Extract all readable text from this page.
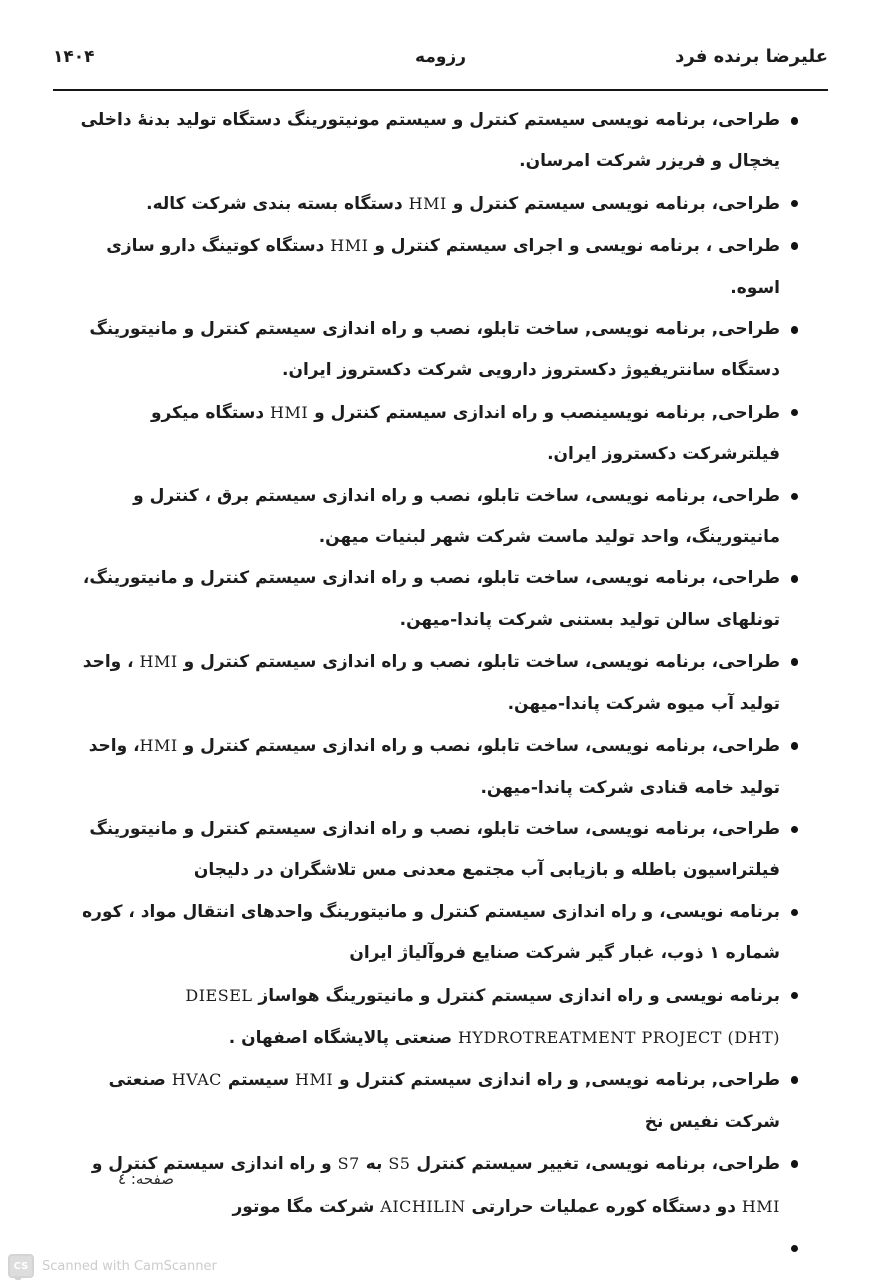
علیرضا برنده فرد
رزومه
۱۴۰۴
طراحی، برنامه نویسی سیستم کنترل و سیستم مونیتورینگ دستگاه تولید بدنهٔ داخلی یخچال و فریزر شرکت امرسان.
طراحی، برنامه نویسی سیستم کنترل و HMI دستگاه بسته بندی شرکت کاله.
طراحی ، برنامه نویسی و اجرای سیستم کنترل و HMI دستگاه کوتینگ دارو سازی اسوه.
طراحی, برنامه نویسی, ساخت تابلو، نصب و راه اندازی سیستم کنترل و مانیتورینگ دستگاه سانتریفیوژ دکستروز دارویی شرکت دکستروز ایران.
طراحی, برنامه نویسینصب و راه اندازی سیستم کنترل و HMI دستگاه میکرو فیلترشرکت دکستروز ایران.
طراحی، برنامه نویسی، ساخت تابلو، نصب و راه اندازی سیستم برق ، کنترل و مانیتورینگ، واحد تولید ماست شرکت شهر لبنیات میهن.
طراحی، برنامه نویسی، ساخت تابلو، نصب و راه اندازی سیستم کنترل و مانیتورینگ، تونلهای سالن تولید بستنی شرکت پاندا-میهن.
طراحی، برنامه نویسی، ساخت تابلو، نصب و راه اندازی سیستم کنترل و HMI ، واحد تولید آب میوه شرکت پاندا-میهن.
طراحی، برنامه نویسی، ساخت تابلو، نصب و راه اندازی سیستم کنترل و HMI، واحد تولید خامه قنادی شرکت پاندا-میهن.
طراحی، برنامه نویسی، ساخت تابلو، نصب و راه اندازی سیستم کنترل و مانیتورینگ فیلتراسیون باطله و بازیابی آب مجتمع معدنی مس تلاشگران در دلیجان
برنامه نویسی، و راه اندازی سیستم کنترل و مانیتورینگ واحدهای انتقال مواد ، کوره شماره ۱ ذوب، غبار گیر شرکت صنایع فروآلیاژ ایران
برنامه نویسی و راه اندازی سیستم کنترل و مانیتورینگ هواساز DIESEL HYDROTREATMENT PROJECT (DHT) صنعتی پالایشگاه اصفهان .
طراحی, برنامه نویسی, و راه اندازی سیستم کنترل و HMI سیستم HVAC صنعتی شرکت نفیس نخ
طراحی، برنامه نویسی، تغییر سیستم کنترل S5 به S7 و راه اندازی سیستم کنترل و HMI دو دستگاه کوره عملیات حرارتی AICHILIN شرکت مگا موتور
صفحه: ٤
CS	Scanned with CamScanner
